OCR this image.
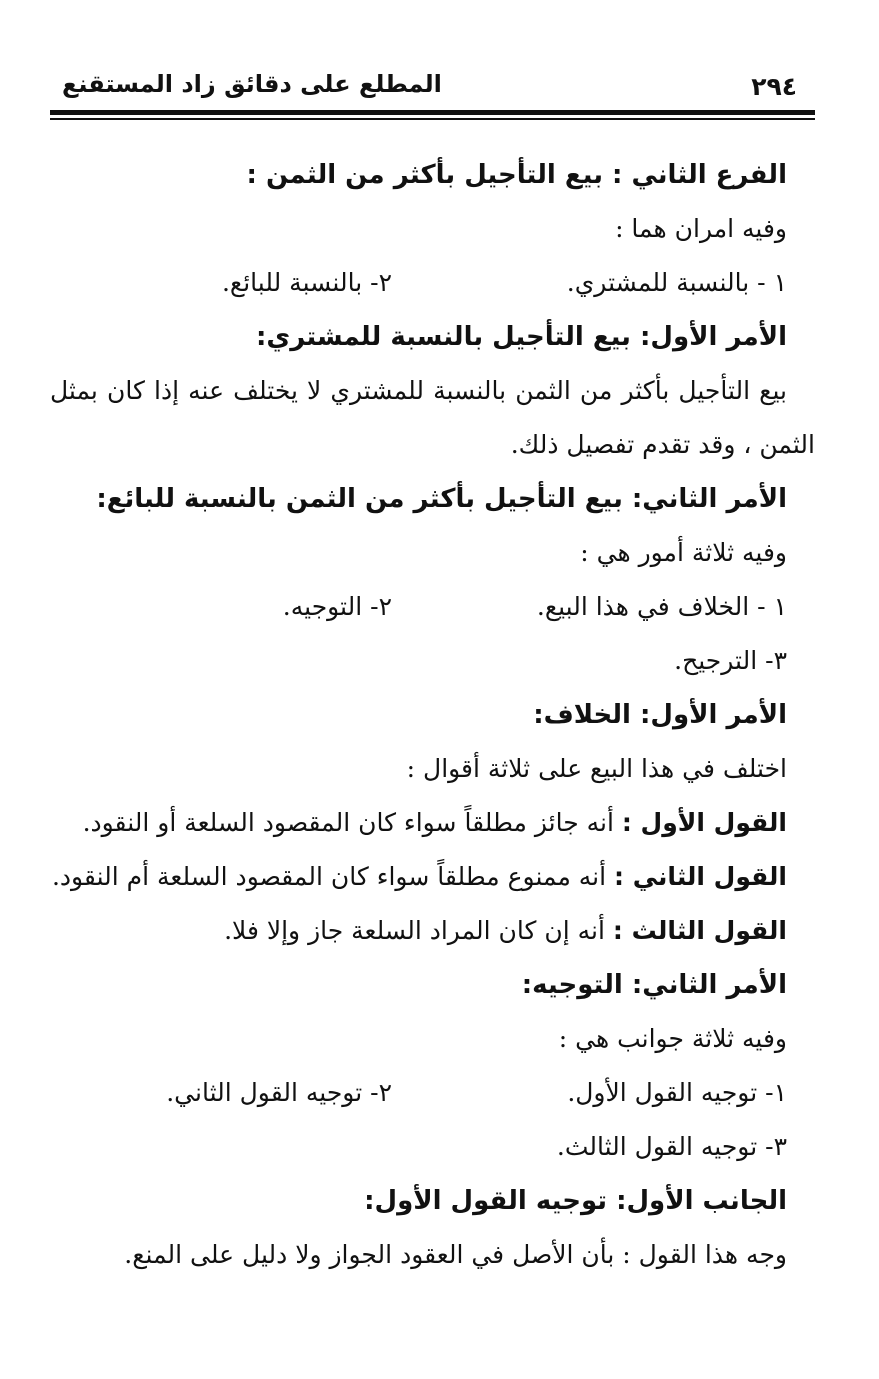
٢٩٤
المطلع على دقائق زاد المستقنع
الفرع الثاني : بيع التأجيل بأكثر من الثمن :
وفيه امران هما :
١ - بالنسبة للمشتري.
٢- بالنسبة للبائع.
الأمر الأول: بيع التأجيل بالنسبة للمشتري:
بيع التأجيل بأكثر من الثمن بالنسبة للمشتري لا يختلف عنه إذا كان بمثل
الثمن ، وقد تقدم تفصيل ذلك.
الأمر الثاني: بيع التأجيل بأكثر من الثمن بالنسبة للبائع:
وفيه ثلاثة أمور هي :
١ - الخلاف في هذا البيع.
٢- التوجيه.
٣- الترجيح.
الأمر الأول: الخلاف:
اختلف في هذا البيع على ثلاثة أقوال :
القول الأول : أنه جائز مطلقاً سواء كان المقصود السلعة أو النقود.
القول الثاني : أنه ممنوع مطلقاً سواء كان المقصود السلعة أم النقود.
القول الثالث : أنه إن كان المراد السلعة جاز وإلا فلا.
الأمر الثاني: التوجيه:
وفيه ثلاثة جوانب هي :
١- توجيه القول الأول.
٢- توجيه القول الثاني.
٣- توجيه القول الثالث.
الجانب الأول: توجيه القول الأول:
وجه هذا القول : بأن الأصل في العقود الجواز ولا دليل على المنع.
